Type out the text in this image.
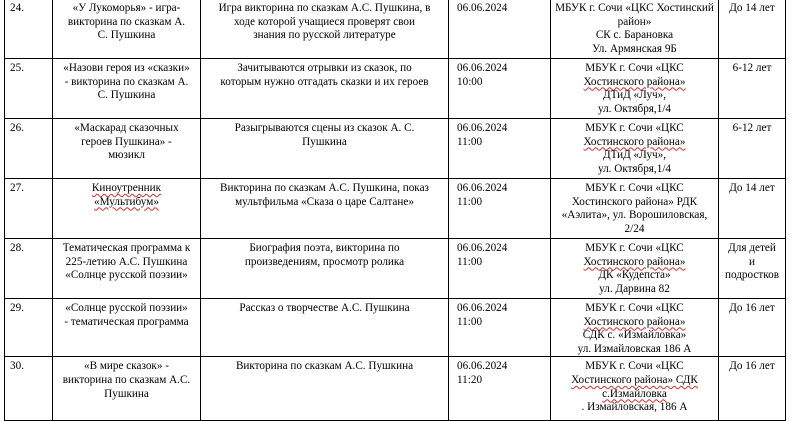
24.	«У Лукоморья» - игра-
викторина по сказкам А.
С. Пушкина	Игра викторина по сказкам А.С. Пушкина, в
ходе которой учащиеся проверят свои
знания по русской литературе	06.06.2024	МБУК г. Сочи «ЦКС Хостинский
район»
СК с. Барановка
Ул. Армянская 9Б	До 14 лет

25.	«Назови героя из «сказки»
- викторина по сказкам А.
С. Пушкина	Зачитываются отрывки из сказок, по
которым нужно отгадать сказки и их героев	06.06.2024
10:00	МБУК г. Сочи «ЦКС
Хостинского района»
ДТиД «Луч»,
ул. Октября,1/4	6-12 лет

26.	«Маскарад сказочных
героев Пушкина» -
мюзикл	Разыгрываются сцены из сказок А. С.
Пушкина	06.06.2024
11:00	МБУК г. Сочи «ЦКС
Хостинского района»
ДТиД «Луч»,
ул. Октября,1/4	6-12 лет

27.	Киноутренник
«Мультибум»	Викторина по сказкам А.С. Пушкина, показ
мультфильма «Сказа о царе Салтане»	06.06.2024
11:00	МБУК г. Сочи «ЦКС
Хостинского района» РДК
«Аэлита», ул. Ворошиловская,
2/24	До 14 лет

28.	Тематическая программа к
225-летию А.С. Пушкина
«Солнце русской поэзии»	Биография поэта, викторина по
произведениям, просмотр ролика	06.06.2024
11:00	МБУК г. Сочи «ЦКС
Хостинского района»
ДК «Кудепста»
ул. Дарвина 82	Для детей
и
подростков

29.	«Солнце русской поэзии»
- тематическая программа	Рассказ о творчестве А.С. Пушкина	06.06.2024
11:00	МБУК г. Сочи «ЦКС
Хостинского района»
СДК с. «Измайловка»
ул. Измайловская 186 А	До 16 лет

30.	«В мире сказок» -
викторина по сказкам А.С.
Пушкина	Викторина по сказкам А.С. Пушкина	06.06.2024
11:20	МБУК г. Сочи «ЦКС
Хостинского района» СДК
с.Измайловка
. Измайловская, 186 А	До 16 лет
